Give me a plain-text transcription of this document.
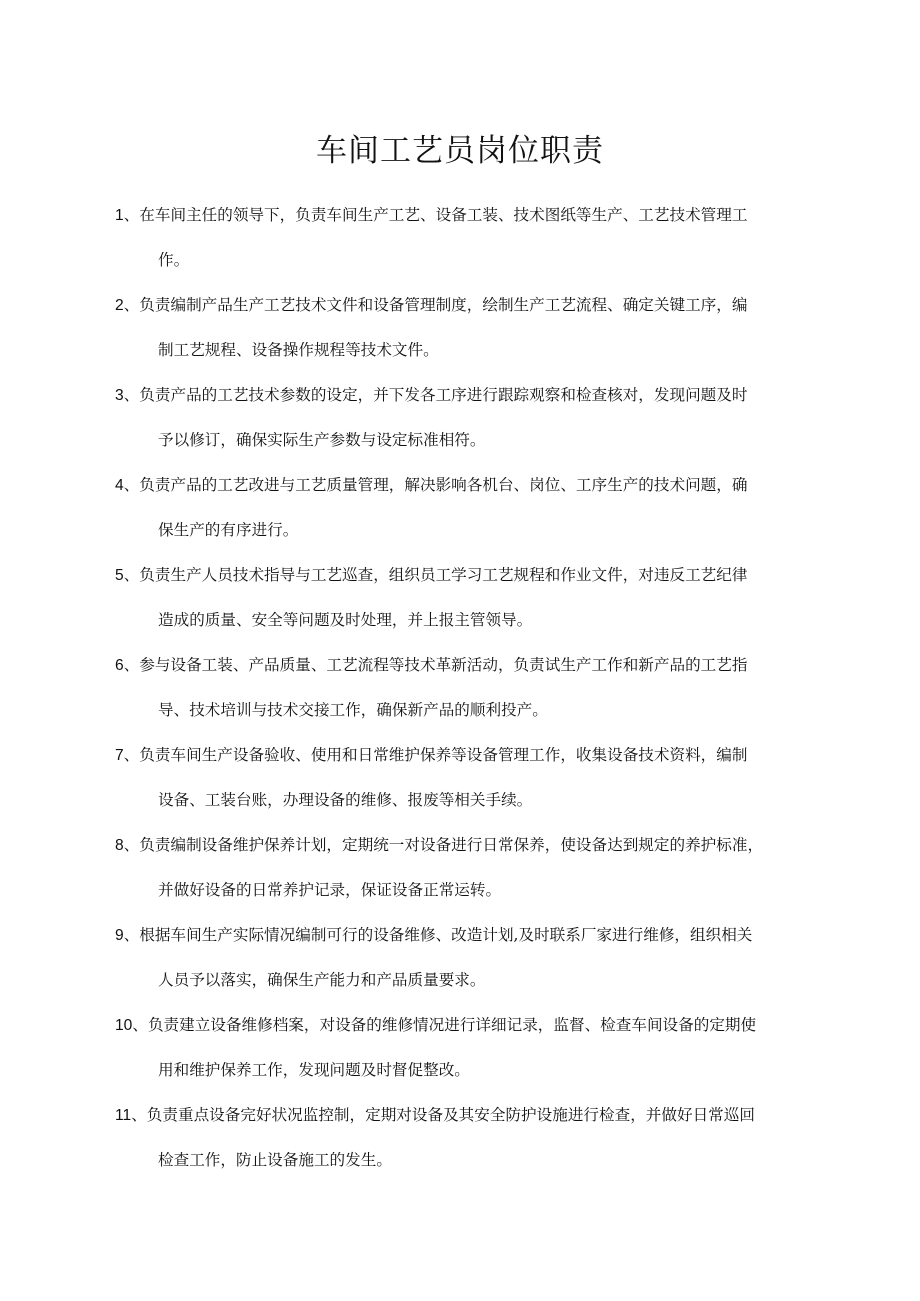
车间工艺员岗位职责
1、在车间主任的领导下，负责车间生产工艺、设备工装、技术图纸等生产、工艺技术管理工
作。
2、负责编制产品生产工艺技术文件和设备管理制度，绘制生产工艺流程、确定关键工序，编
制工艺规程、设备操作规程等技术文件。
3、负责产品的工艺技术参数的设定，并下发各工序进行跟踪观察和检查核对，发现问题及时
予以修订，确保实际生产参数与设定标准相符。
4、负责产品的工艺改进与工艺质量管理，解决影响各机台、岗位、工序生产的技术问题，确
保生产的有序进行。
5、负责生产人员技术指导与工艺巡查，组织员工学习工艺规程和作业文件，对违反工艺纪律
造成的质量、安全等问题及时处理，并上报主管领导。
6、参与设备工装、产品质量、工艺流程等技术革新活动，负责试生产工作和新产品的工艺指
导、技术培训与技术交接工作，确保新产品的顺利投产。
7、负责车间生产设备验收、使用和日常维护保养等设备管理工作，收集设备技术资料，编制
设备、工装台账，办理设备的维修、报废等相关手续。
8、负责编制设备维护保养计划，定期统一对设备进行日常保养，使设备达到规定的养护标准，
并做好设备的日常养护记录，保证设备正常运转。
9、根据车间生产实际情况编制可行的设备维修、改造计划,及时联系厂家进行维修，组织相关
人员予以落实，确保生产能力和产品质量要求。
10、负责建立设备维修档案，对设备的维修情况进行详细记录，监督、检查车间设备的定期使
用和维护保养工作，发现问题及时督促整改。
11、负责重点设备完好状况监控制，定期对设备及其安全防护设施进行检查，并做好日常巡回
检查工作，防止设备施工的发生。
